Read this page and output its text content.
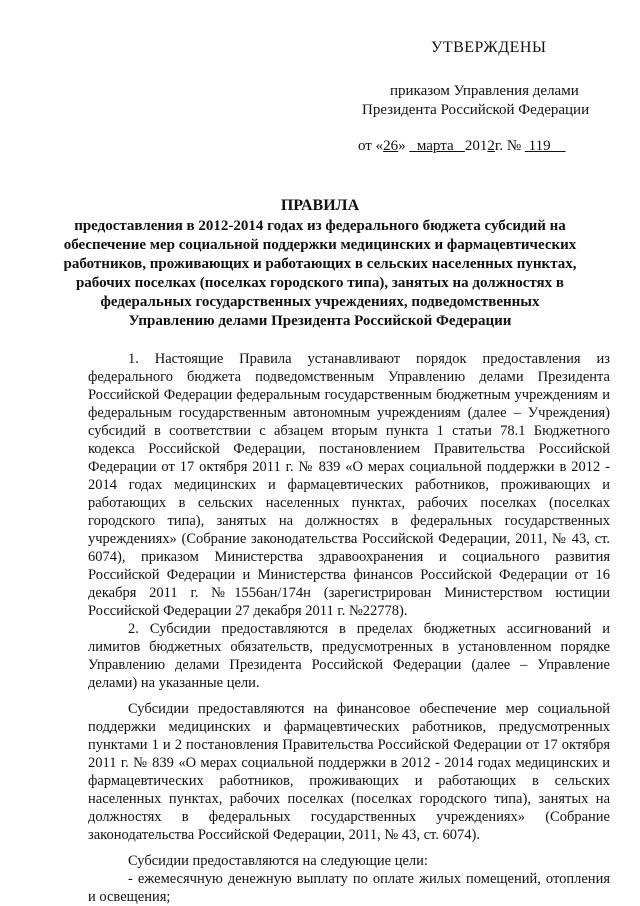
УТВЕРЖДЕНЫ
приказом Управления делами
Президента Российской Федерации
от «26» марта 2012г. № 119
ПРАВИЛА
предоставления в 2012-2014 годах из федерального бюджета субсидий на обеспечение мер социальной поддержки медицинских и фармацевтических работников, проживающих и работающих в сельских населенных пунктах, рабочих поселках (поселках городского типа), занятых на должностях в федеральных государственных учреждениях, подведомственных Управлению делами Президента Российской Федерации

1. Настоящие Правила устанавливают порядок предоставления из федерального бюджета подведомственным Управлению делами Президента Российской Федерации федеральным государственным бюджетным учреждениям и федеральным государственным автономным учреждениям (далее – Учреждения) субсидий в соответствии с абзацем вторым пункта 1 статьи 78.1 Бюджетного кодекса Российской Федерации, постановлением Правительства Российской Федерации от 17 октября 2011 г. № 839 «О мерах социальной поддержки в 2012 - 2014 годах медицинских и фармацевтических работников, проживающих и работающих в сельских населенных пунктах, рабочих поселках (поселках городского типа), занятых на должностях в федеральных государственных учреждениях» (Собрание законодательства Российской Федерации, 2011, № 43, ст. 6074), приказом Министерства здравоохранения и социального развития Российской Федерации и Министерства финансов Российской Федерации от 16 декабря 2011 г. №1556ан/174н (зарегистрирован Министерством юстиции Российской Федерации 27 декабря 2011 г. №22778).

2. Субсидии предоставляются в пределах бюджетных ассигнований и лимитов бюджетных обязательств, предусмотренных в установленном порядке Управлению делами Президента Российской Федерации (далее – Управление делами) на указанные цели.

Субсидии предоставляются на финансовое обеспечение мер социальной поддержки медицинских и фармацевтических работников, предусмотренных пунктами 1 и 2 постановления Правительства Российской Федерации от 17 октября 2011 г. № 839 «О мерах социальной поддержки в 2012 - 2014 годах медицинских и фармацевтических работников, проживающих и работающих в сельских населенных пунктах, рабочих поселках (поселках городского типа), занятых на должностях в федеральных государственных учреждениях» (Собрание законодательства Российской Федерации, 2011, № 43, ст. 6074).

Субсидии предоставляются на следующие цели:

- ежемесячную денежную выплату по оплате жилых помещений, отопления и освещения;
